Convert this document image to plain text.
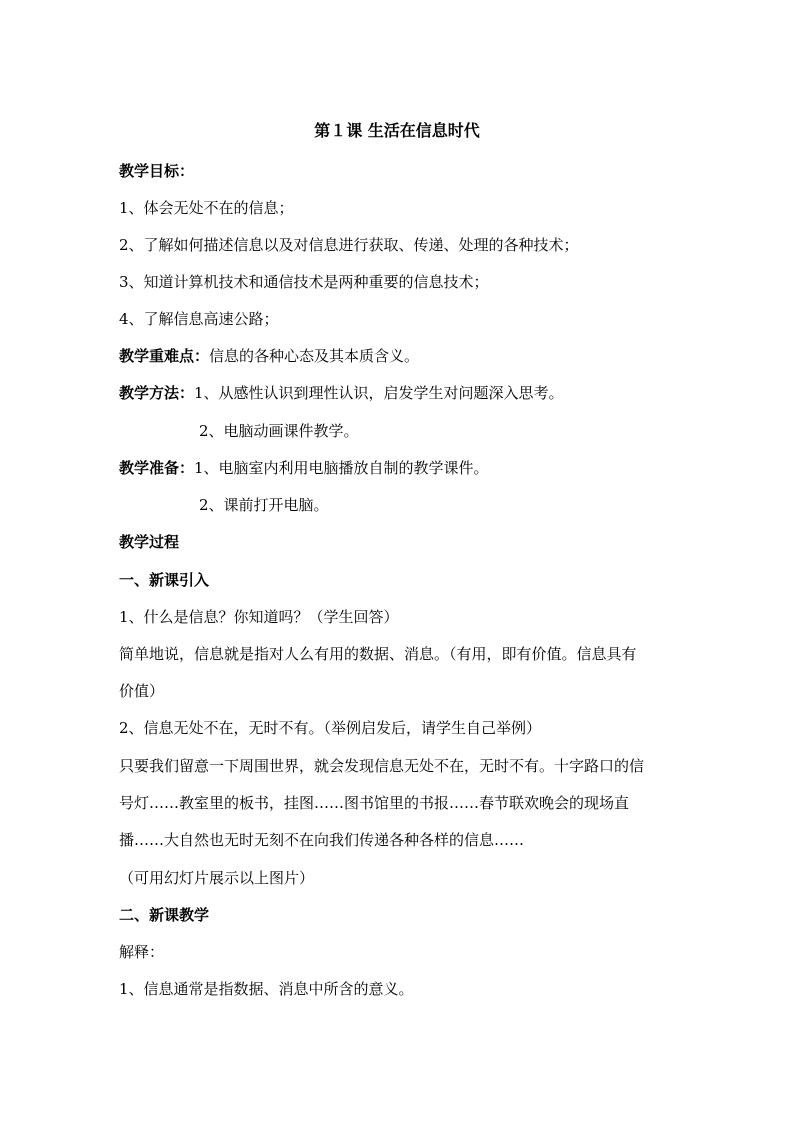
第１课 生活在信息时代
教学目标：
1、体会无处不在的信息；
2、了解如何描述信息以及对信息进行获取、传递、处理的各种技术；
3、知道计算机技术和通信技术是两种重要的信息技术；
4、了解信息高速公路；
教学重难点：信息的各种心态及其本质含义。
教学方法：1、从感性认识到理性认识，启发学生对问题深入思考。
2、电脑动画课件教学。
教学准备：1、电脑室内利用电脑播放自制的教学课件。
2、课前打开电脑。
教学过程
一、新课引入
1、什么是信息？你知道吗？（学生回答）
简单地说，信息就是指对人么有用的数据、消息。（有用，即有价值。信息具有
价值）
2、信息无处不在，无时不有。（举例启发后，请学生自己举例）
只要我们留意一下周围世界，就会发现信息无处不在，无时不有。十字路口的信
号灯……教室里的板书，挂图……图书馆里的书报……春节联欢晚会的现场直
播……大自然也无时无刻不在向我们传递各种各样的信息……
（可用幻灯片展示以上图片）
二、新课教学
解释：
1、信息通常是指数据、消息中所含的意义。
